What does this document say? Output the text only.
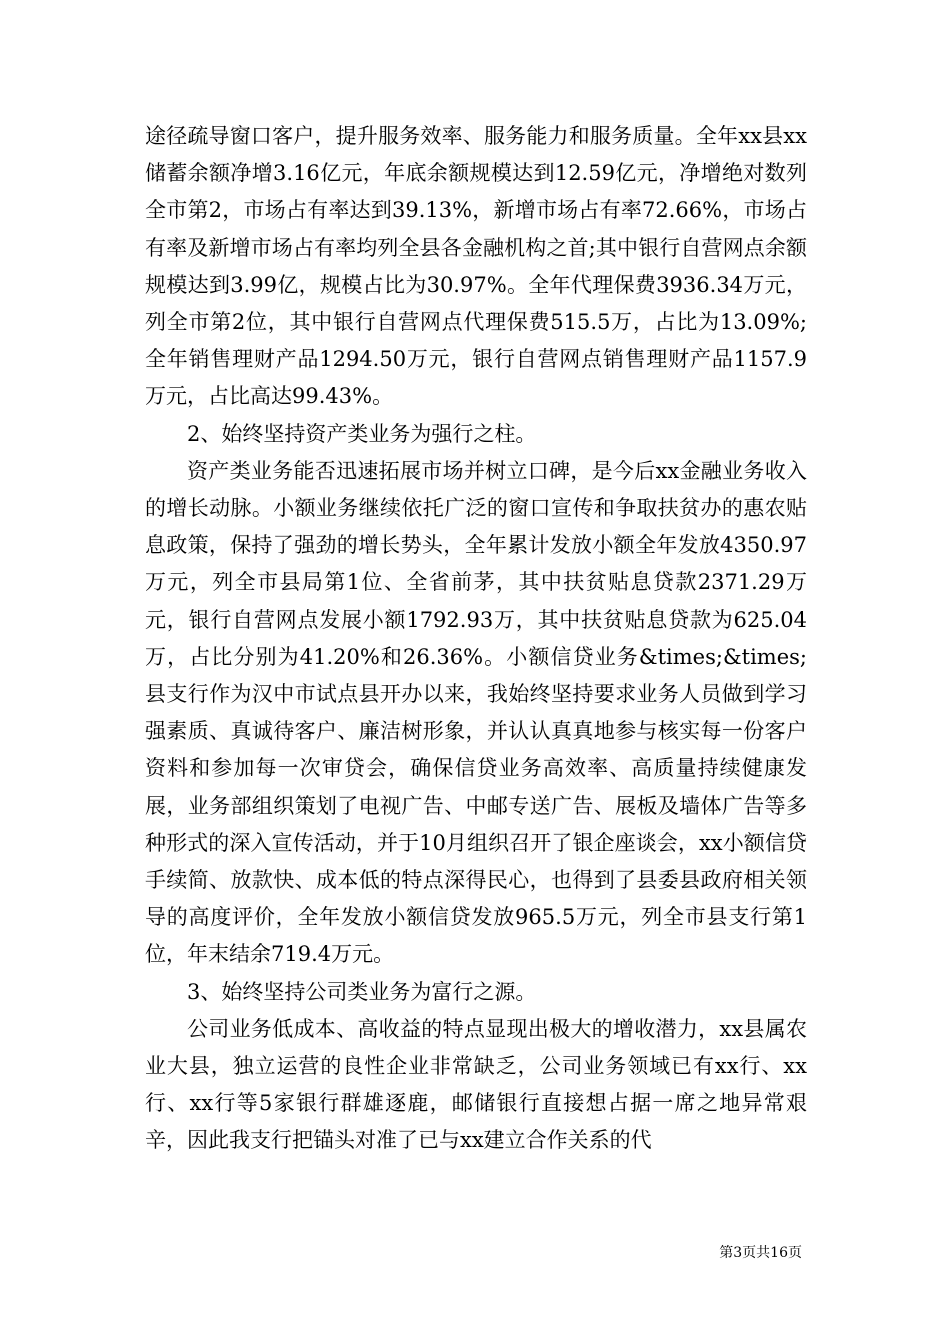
途径疏导窗口客户，提升服务效率、服务能力和服务质量。全年xx县xx储蓄余额净增3.16亿元，年底余额规模达到12.59亿元，净增绝对数列全市第2，市场占有率达到39.13%，新增市场占有率72.66%，市场占有率及新增市场占有率均列全县各金融机构之首;其中银行自营网点余额规模达到3.99亿，规模占比为30.97%。全年代理保费3936.34万元，列全市第2位，其中银行自营网点代理保费515.5万，占比为13.09%;全年销售理财产品1294.50万元，银行自营网点销售理财产品1157.9万元，占比高达99.43%。

2、始终坚持资产类业务为强行之柱。

资产类业务能否迅速拓展市场并树立口碑，是今后xx金融业务收入的增长动脉。小额业务继续依托广泛的窗口宣传和争取扶贫办的惠农贴息政策，保持了强劲的增长势头，全年累计发放小额全年发放4350.97万元，列全市县局第1位、全省前茅，其中扶贫贴息贷款2371.29万元，银行自营网点发展小额1792.93万，其中扶贫贴息贷款为625.04万，占比分别为41.20%和26.36%。小额信贷业务&times;&times;县支行作为汉中市试点县开办以来，我始终坚持要求业务人员做到学习强素质、真诚待客户、廉洁树形象，并认认真真地参与核实每一份客户资料和参加每一次审贷会，确保信贷业务高效率、高质量持续健康发展，业务部组织策划了电视广告、中邮专送广告、展板及墙体广告等多种形式的深入宣传活动，并于10月组织召开了银企座谈会，xx小额信贷手续简、放款快、成本低的特点深得民心，也得到了县委县政府相关领导的高度评价，全年发放小额信贷发放965.5万元，列全市县支行第1位，年末结余719.4万元。

3、始终坚持公司类业务为富行之源。

公司业务低成本、高收益的特点显现出极大的增收潜力，xx县属农业大县，独立运营的良性企业非常缺乏，公司业务领域已有xx行、xx行、xx行等5家银行群雄逐鹿，邮储银行直接想占据一席之地异常艰辛，因此我支行把锚头对准了已与xx建立合作关系的代

第3页共16页
